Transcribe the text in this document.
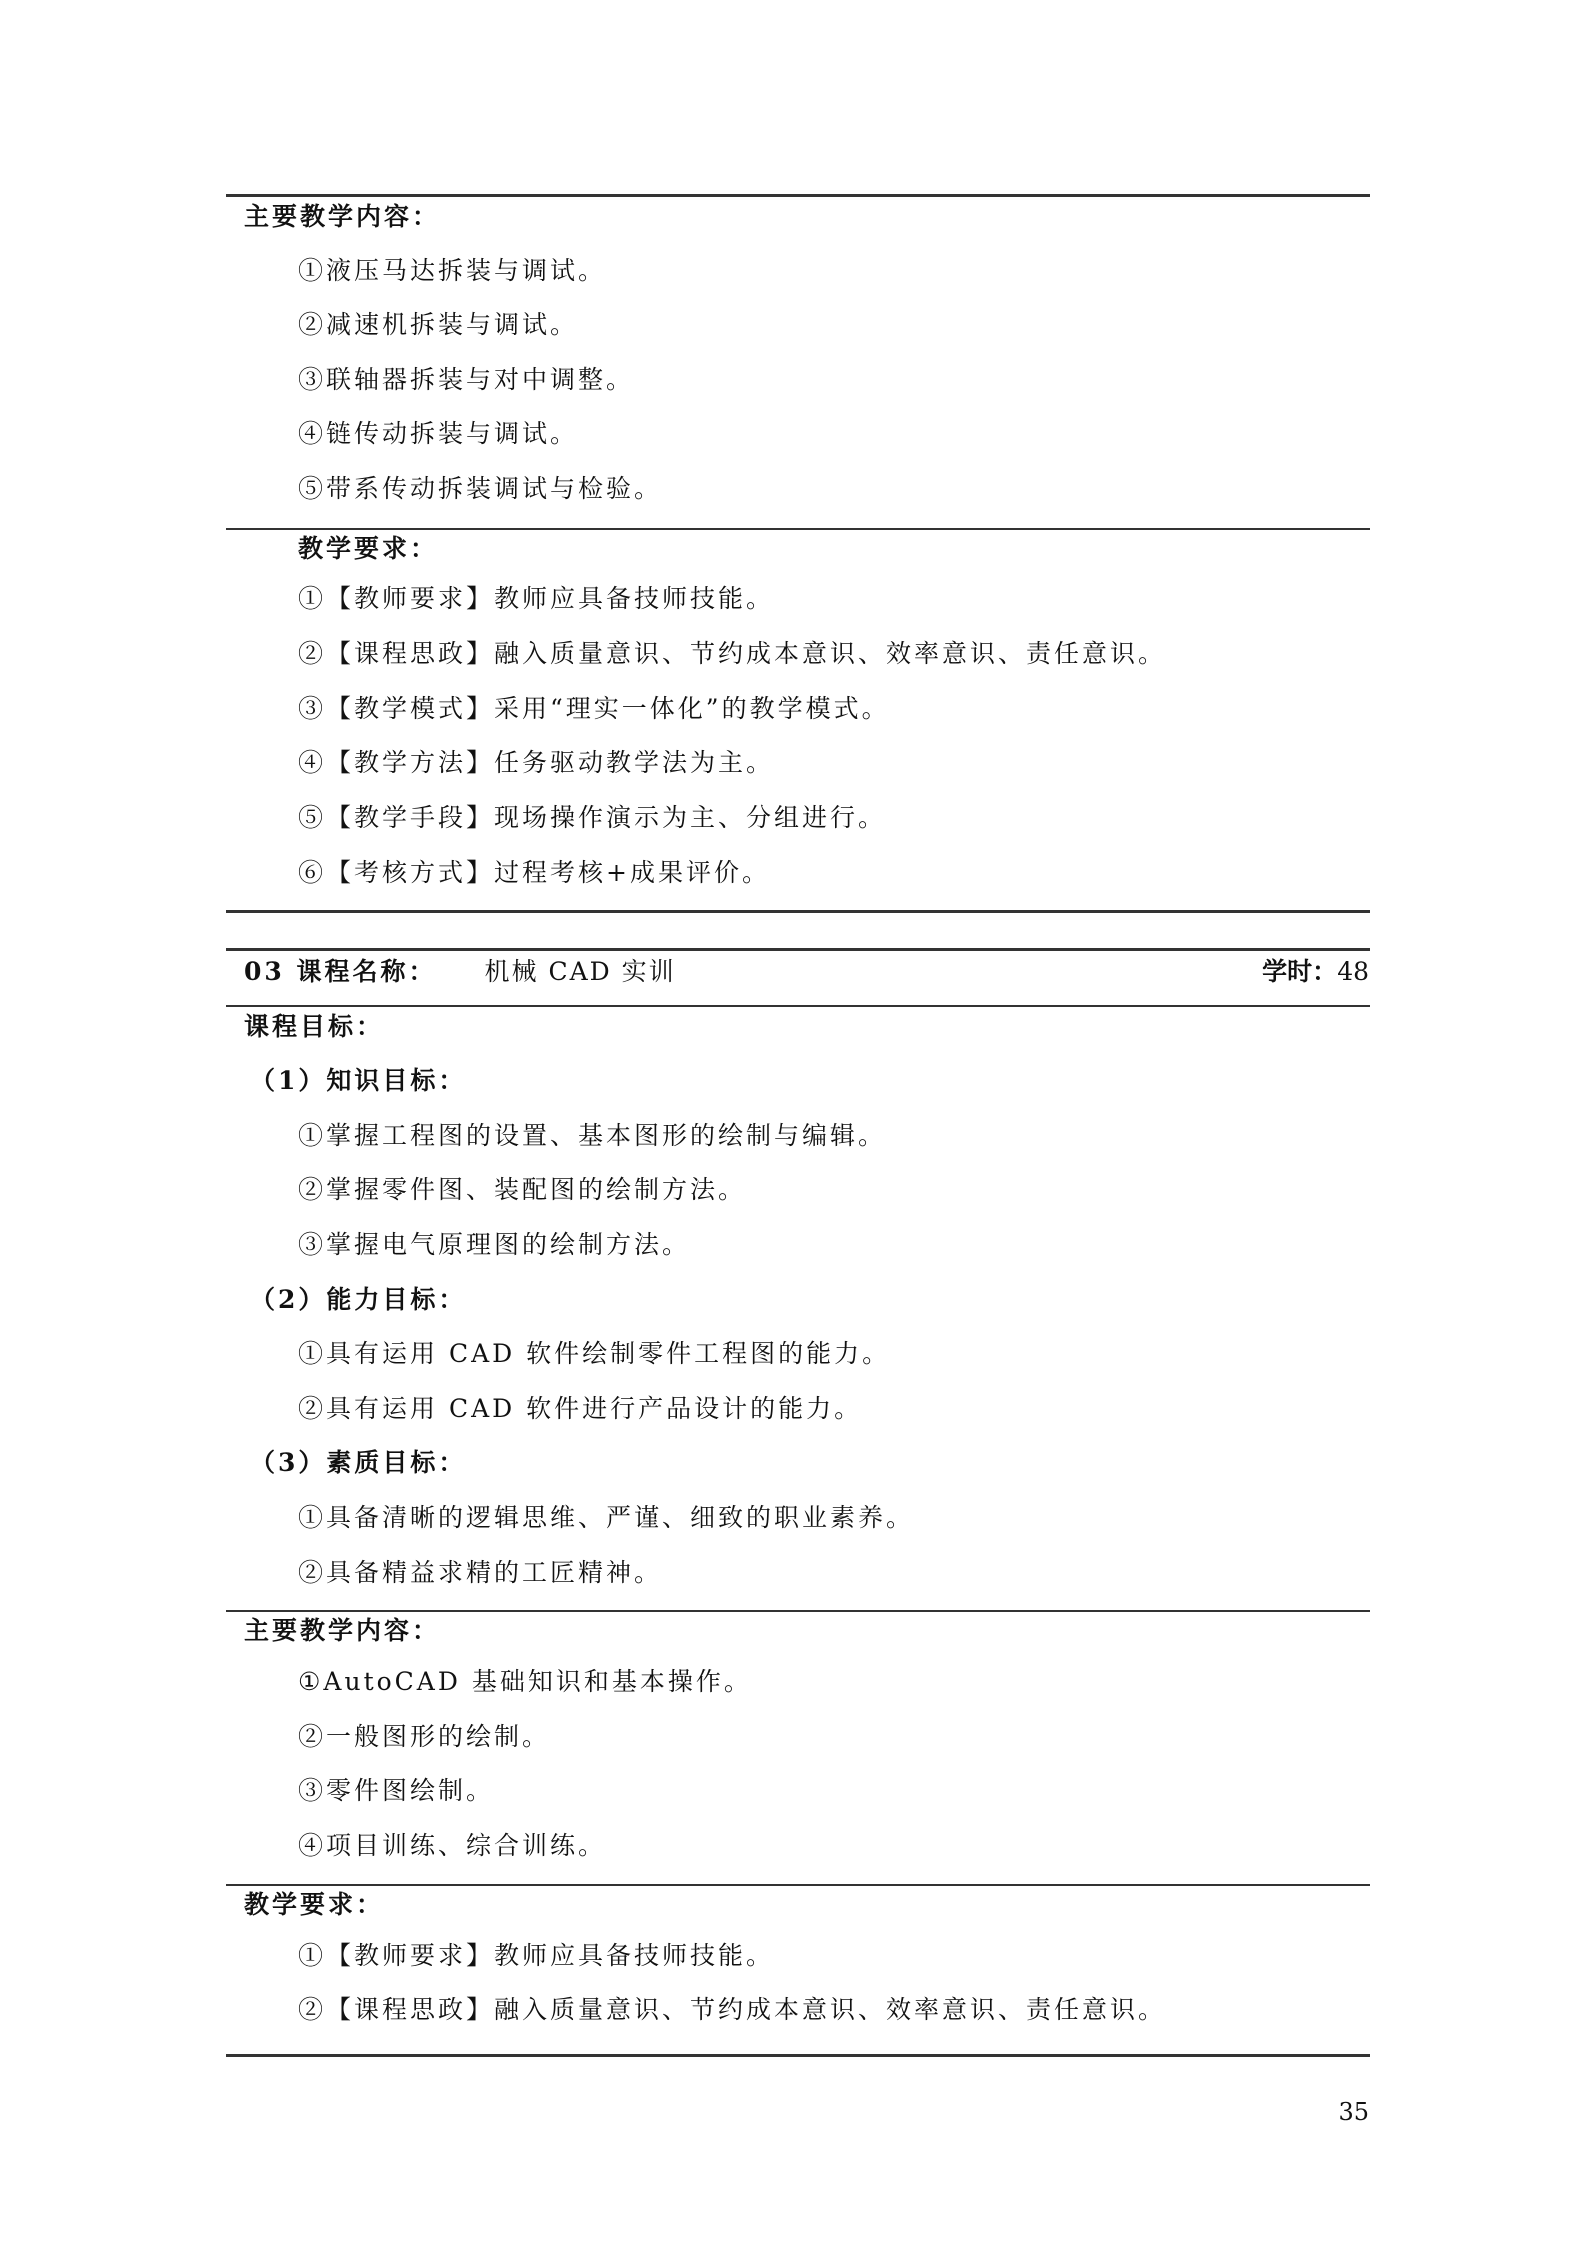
主要教学内容：
①液压马达拆装与调试。
②减速机拆装与调试。
③联轴器拆装与对中调整。
④链传动拆装与调试。
⑤带系传动拆装调试与检验。
教学要求：
①【教师要求】教师应具备技师技能。
②【课程思政】融入质量意识、节约成本意识、效率意识、责任意识。
③【教学模式】采用“理实一体化”的教学模式。
④【教学方法】任务驱动教学法为主。
⑤【教学手段】现场操作演示为主、分组进行。
⑥【考核方式】过程考核+成果评价。
03 课程名称： 机械 CAD 实训	学时：48
课程目标：
（1）知识目标：
①掌握工程图的设置、基本图形的绘制与编辑。
②掌握零件图、装配图的绘制方法。
③掌握电气原理图的绘制方法。
（2）能力目标：
①具有运用 CAD 软件绘制零件工程图的能力。
②具有运用 CAD 软件进行产品设计的能力。
（3）素质目标：
①具备清晰的逻辑思维、严谨、细致的职业素养。
②具备精益求精的工匠精神。
主要教学内容：
①AutoCAD 基础知识和基本操作。
②一般图形的绘制。
③零件图绘制。
④项目训练、综合训练。
教学要求：
①【教师要求】教师应具备技师技能。
②【课程思政】融入质量意识、节约成本意识、效率意识、责任意识。
35
